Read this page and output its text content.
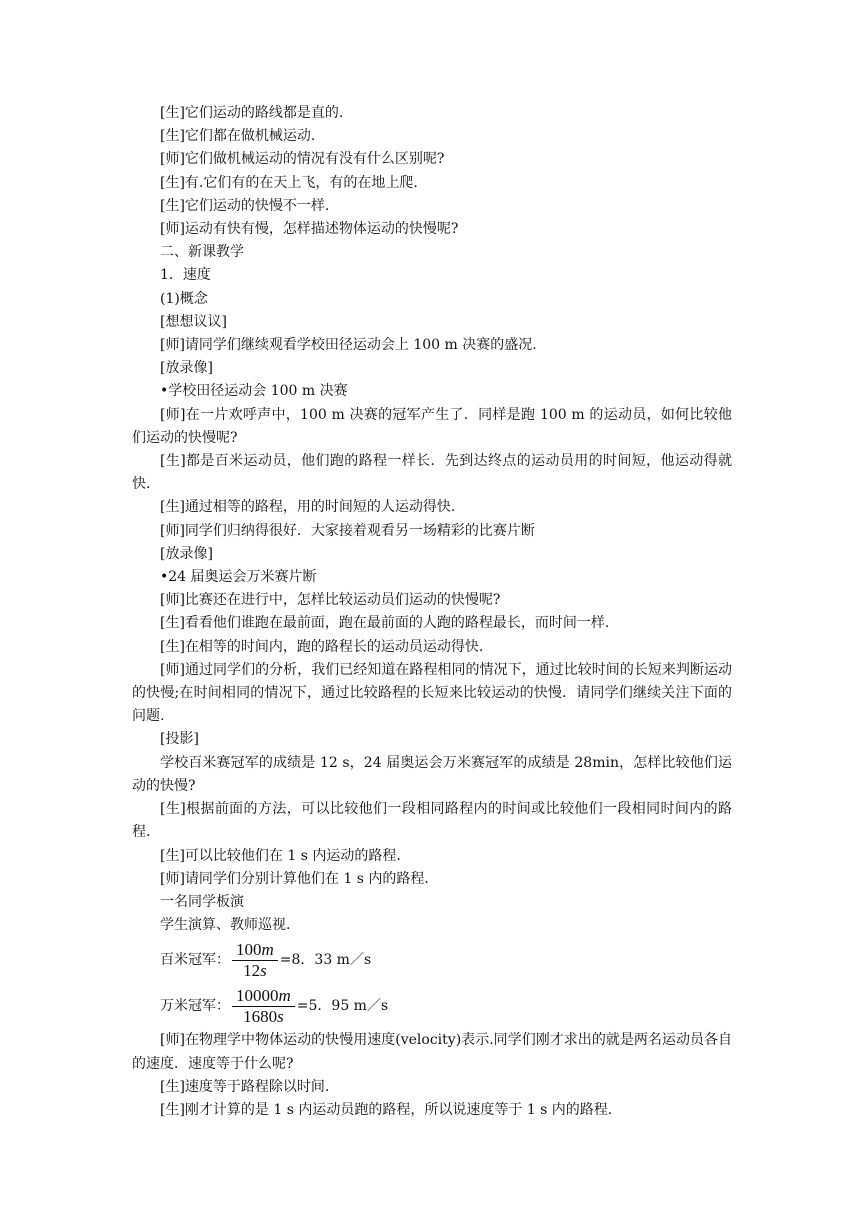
[生]它们运动的路线都是直的.

[生]它们都在做机械运动.

[师]它们做机械运动的情况有没有什么区别呢?

[生]有.它们有的在天上飞，有的在地上爬.

[生]它们运动的快慢不一样.

[师]运动有快有慢，怎样描述物体运动的快慢呢?

二、新课教学

1．速度

(1)概念

[想想议议]

[师]请同学们继续观看学校田径运动会上 100 m 决赛的盛况.

[放录像]

•学校田径运动会 100 m 决赛

[师]在一片欢呼声中，100 m 决赛的冠军产生了．同样是跑 100 m 的运动员，如何比较他们运动的快慢呢?

[生]都是百米运动员，他们跑的路程一样长．先到达终点的运动员用的时间短，他运动得就快.

[生]通过相等的路程，用的时间短的人运动得快.

[师]同学们归纳得很好．大家接着观看另一场精彩的比赛片断

[放录像]

•24 届奥运会万米赛片断

[师]比赛还在进行中，怎样比较运动员们运动的快慢呢?

[生]看看他们谁跑在最前面，跑在最前面的人跑的路程最长，而时间一样.

[生]在相等的时间内，跑的路程长的运动员运动得快.

[师]通过同学们的分析，我们已经知道在路程相同的情况下，通过比较时间的长短来判断运动的快慢;在时间相同的情况下，通过比较路程的长短来比较运动的快慢．请同学们继续关注下面的问题.

[投影]

学校百米赛冠军的成绩是 12 s，24 届奥运会万米赛冠军的成绩是 28min，怎样比较他们运动的快慢?

[生]根据前面的方法，可以比较他们一段相同路程内的时间或比较他们一段相同时间内的路程.

[生]可以比较他们在 1 s 内运动的路程.

[师]请同学们分别计算他们在 1 s 内的路程.

一名同学板演

学生演算、教师巡视.

百米冠军： $\frac{100m}{12s} =8$．33 m／s
万米冠军： $\frac{10000m}{1680s} =5$．95 m／s

[师]在物理学中物体运动的快慢用速度(velocity)表示.同学们刚才求出的就是两名运动员各自的速度．速度等于什么呢?

[生]速度等于路程除以时间.

[生]刚才计算的是 1 s 内运动员跑的路程，所以说速度等于 1 s 内的路程.
